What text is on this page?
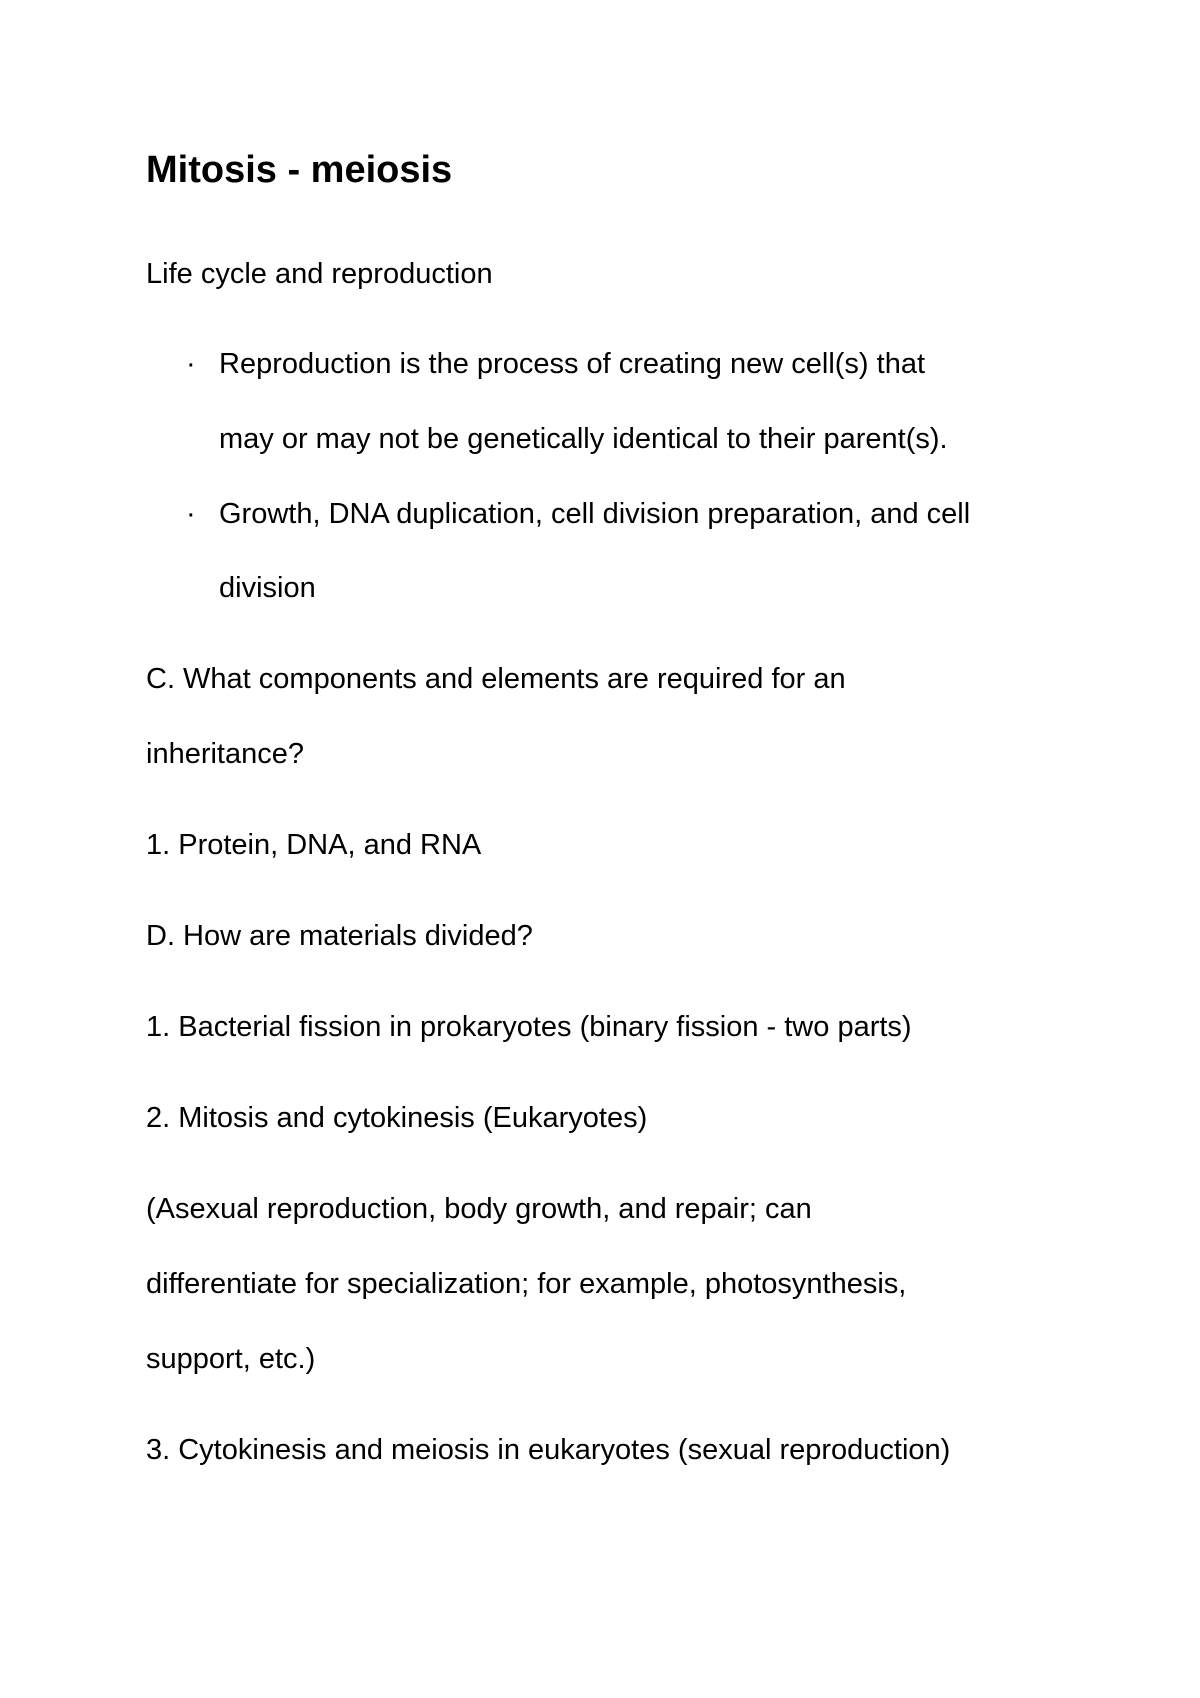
Mitosis - meiosis

Life cycle and reproduction

· Reproduction is the process of creating new cell(s) that

may or may not be genetically identical to their parent(s).

· Growth, DNA duplication, cell division preparation, and cell

division

C. What components and elements are required for an

inheritance?

1. Protein, DNA, and RNA

D. How are materials divided?

1. Bacterial fission in prokaryotes (binary fission - two parts)

2. Mitosis and cytokinesis (Eukaryotes)

(Asexual reproduction, body growth, and repair; can

differentiate for specialization; for example, photosynthesis,

support, etc.)

3. Cytokinesis and meiosis in eukaryotes (sexual reproduction)
